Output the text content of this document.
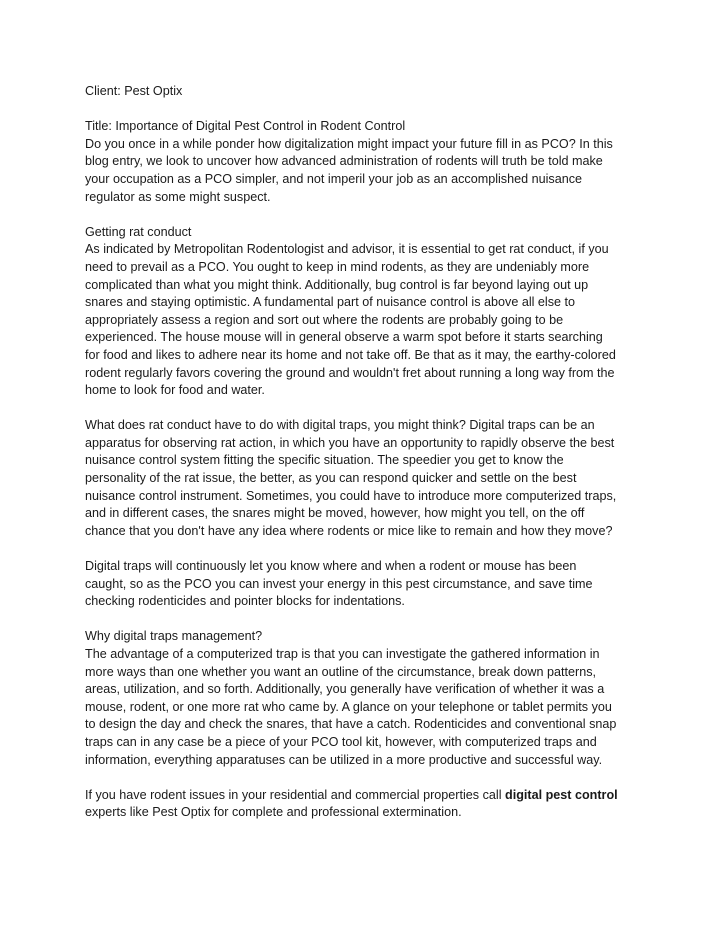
Client: Pest Optix

Title: Importance of Digital Pest Control in Rodent Control
Do you once in a while ponder how digitalization might impact your future fill in as PCO? In this
blog entry, we look to uncover how advanced administration of rodents will truth be told make
your occupation as a PCO simpler, and not imperil your job as an accomplished nuisance
regulator as some might suspect.

Getting rat conduct
As indicated by Metropolitan Rodentologist and advisor, it is essential to get rat conduct, if you
need to prevail as a PCO. You ought to keep in mind rodents, as they are undeniably more
complicated than what you might think. Additionally, bug control is far beyond laying out up
snares and staying optimistic. A fundamental part of nuisance control is above all else to
appropriately assess a region and sort out where the rodents are probably going to be
experienced. The house mouse will in general observe a warm spot before it starts searching
for food and likes to adhere near its home and not take off. Be that as it may, the earthy-colored
rodent regularly favors covering the ground and wouldn't fret about running a long way from the
home to look for food and water.

What does rat conduct have to do with digital traps, you might think? Digital traps can be an
apparatus for observing rat action, in which you have an opportunity to rapidly observe the best
nuisance control system fitting the specific situation. The speedier you get to know the
personality of the rat issue, the better, as you can respond quicker and settle on the best
nuisance control instrument. Sometimes, you could have to introduce more computerized traps,
and in different cases, the snares might be moved, however, how might you tell, on the off
chance that you don't have any idea where rodents or mice like to remain and how they move?

Digital traps will continuously let you know where and when a rodent or mouse has been
caught, so as the PCO you can invest your energy in this pest circumstance, and save time
checking rodenticides and pointer blocks for indentations.

Why digital traps management?
The advantage of a computerized trap is that you can investigate the gathered information in
more ways than one whether you want an outline of the circumstance, break down patterns,
areas, utilization, and so forth. Additionally, you generally have verification of whether it was a
mouse, rodent, or one more rat who came by. A glance on your telephone or tablet permits you
to design the day and check the snares, that have a catch. Rodenticides and conventional snap
traps can in any case be a piece of your PCO tool kit, however, with computerized traps and
information, everything apparatuses can be utilized in a more productive and successful way.

If you have rodent issues in your residential and commercial properties call digital pest control
experts like Pest Optix for complete and professional extermination.
